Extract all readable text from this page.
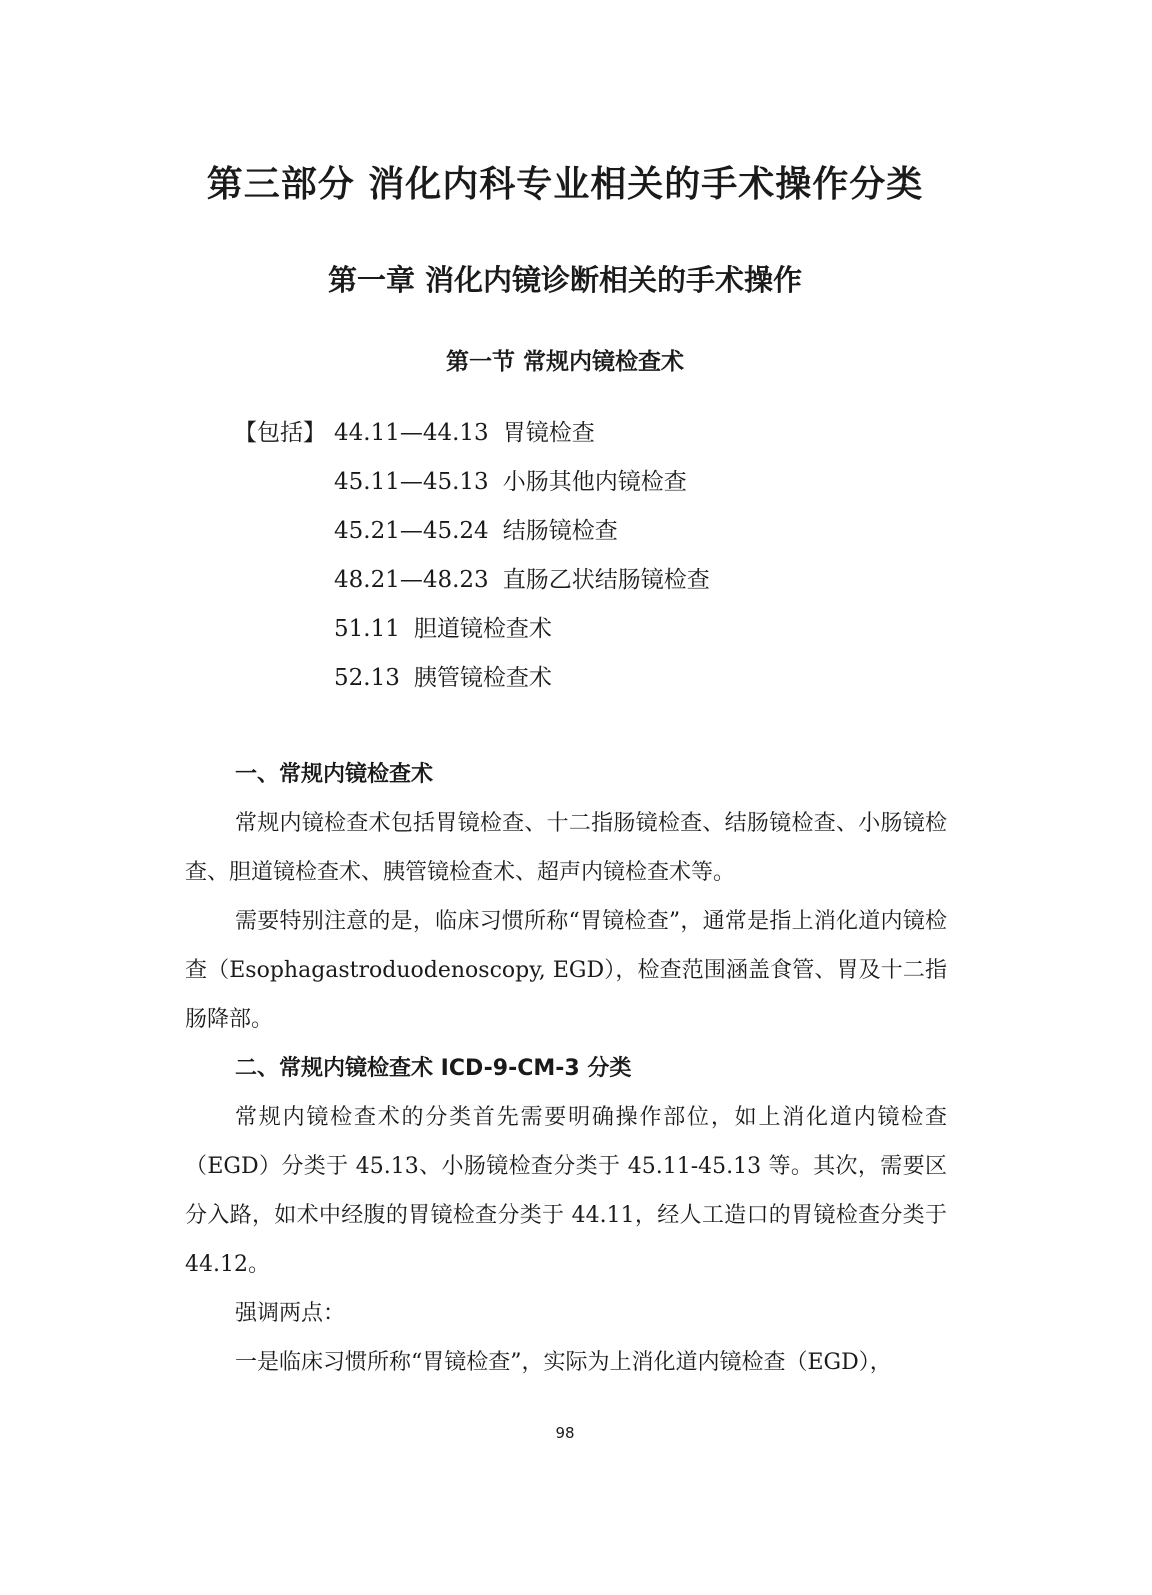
第三部分 消化内科专业相关的手术操作分类
第一章 消化内镜诊断相关的手术操作
第一节 常规内镜检查术
【包括】 44.11—44.13 胃镜检查
45.11—45.13 小肠其他内镜检查
45.21—45.24 结肠镜检查
48.21—48.23 直肠乙状结肠镜检查
51.11 胆道镜检查术
52.13 胰管镜检查术
一、常规内镜检查术

常规内镜检查术包括胃镜检查、十二指肠镜检查、结肠镜检查、小肠镜检查、胆道镜检查术、胰管镜检查术、超声内镜检查术等。

需要特别注意的是，临床习惯所称“胃镜检查”，通常是指上消化道内镜检查（Esophagastroduodenoscopy, EGD），检查范围涵盖食管、胃及十二指肠降部。

二、常规内镜检查术 ICD-9-CM-3 分类

常规内镜检查术的分类首先需要明确操作部位，如上消化道内镜检查（EGD）分类于 45.13、小肠镜检查分类于 45.11-45.13 等。其次，需要区分入路，如术中经腹的胃镜检查分类于 44.11，经人工造口的胃镜检查分类于 44.12。

强调两点：

一是临床习惯所称“胃镜检查”，实际为上消化道内镜检查（EGD），

98
